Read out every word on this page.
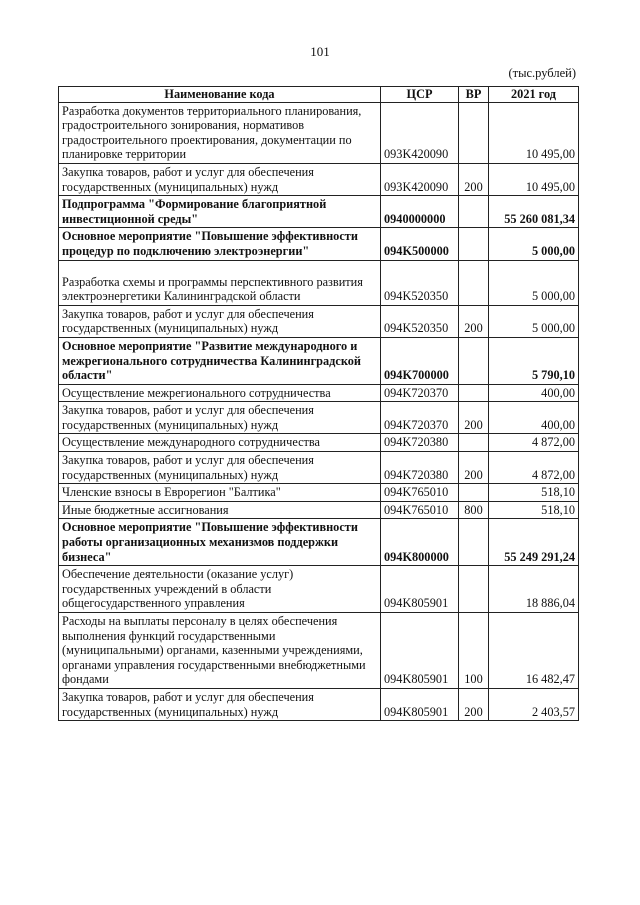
101
(тыс.рублей)
Наименование кода	ЦСР	ВР	2021 год
Разработка документов территориального планирования, градостроительного зонирования, нормативов градостроительного проектирования, документации по планировке территории	093K420090		10 495,00
Закупка товаров, работ и услуг для обеспечения государственных (муниципальных) нужд	093K420090	200	10 495,00
Подпрограмма "Формирование благоприятной инвестиционной среды"	0940000000		55 260 081,34
Основное мероприятие "Повышение эффективности процедур по подключению электроэнергии"	094K500000		5 000,00
Разработка схемы и программы перспективного развития электроэнергетики Калининградской области	094K520350		5 000,00
Закупка товаров, работ и услуг для обеспечения государственных (муниципальных) нужд	094K520350	200	5 000,00
Основное мероприятие "Развитие международного и межрегионального сотрудничества Калининградской области"	094K700000		5 790,10
Осуществление межрегионального сотрудничества	094K720370		400,00
Закупка товаров, работ и услуг для обеспечения государственных (муниципальных) нужд	094K720370	200	400,00
Осуществление международного сотрудничества	094K720380		4 872,00
Закупка товаров, работ и услуг для обеспечения государственных (муниципальных) нужд	094K720380	200	4 872,00
Членские взносы в Еврорегион "Балтика"	094K765010		518,10
Иные бюджетные ассигнования	094K765010	800	518,10
Основное мероприятие "Повышение эффективности работы организационных механизмов поддержки бизнеса"	094K800000		55 249 291,24
Обеспечение деятельности (оказание услуг) государственных учреждений в области общегосударственного управления	094K805901		18 886,04
Расходы на выплаты персоналу в целях обеспечения выполнения функций государственными (муниципальными) органами, казенными учреждениями, органами управления государственными внебюджетными фондами	094K805901	100	16 482,47
Закупка товаров, работ и услуг для обеспечения государственных (муниципальных) нужд	094K805901	200	2 403,57
